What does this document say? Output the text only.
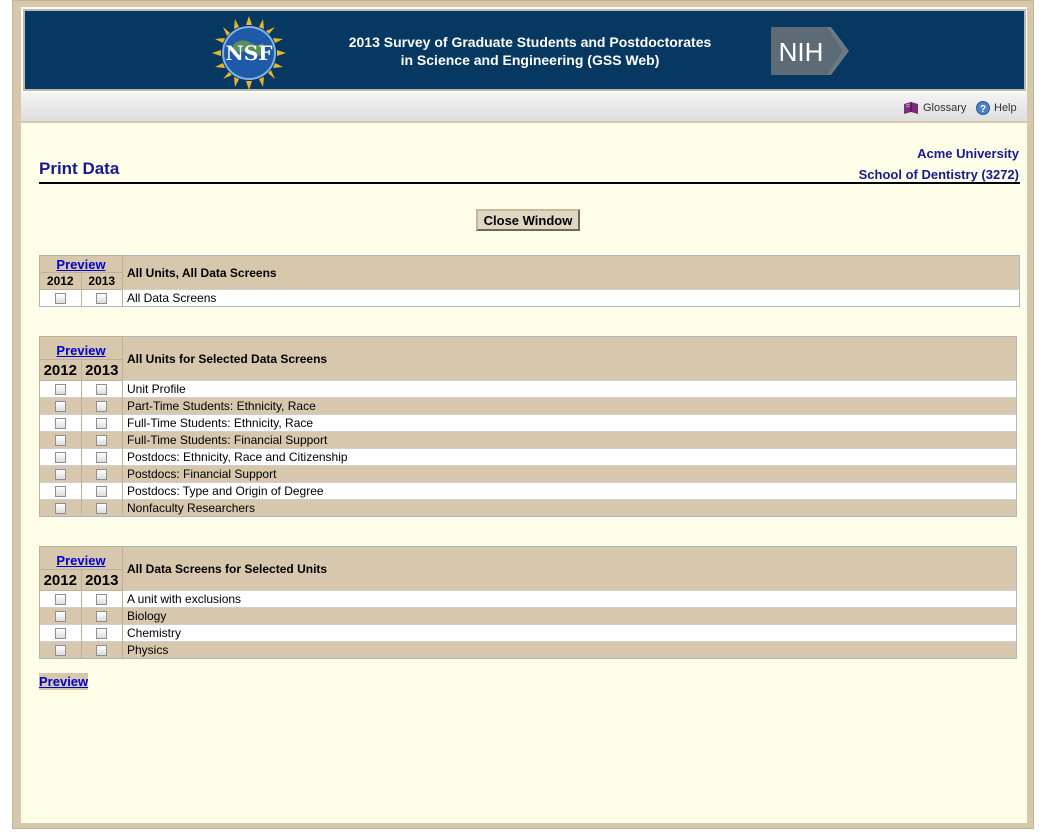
NSF	2013 Survey of Graduate Students and Postdoctorates
in Science and Engineering (GSS Web)	NIH
Glossary ? Help
Acme University
School of Dentistry (3272)
Print Data
Close Window
Preview		All Units, All Data Screens
2012	2013	
		All Data Screens
Preview		All Units for Selected Data Screens
2012	2013	
		Unit Profile
		Part-Time Students: Ethnicity, Race
		Full-Time Students: Ethnicity, Race
		Full-Time Students: Financial Support
		Postdocs: Ethnicity, Race and Citizenship
		Postdocs: Financial Support
		Postdocs: Type and Origin of Degree
		Nonfaculty Researchers
Preview		All Data Screens for Selected Units
2012	2013	
		A unit with exclusions
		Biology
		Chemistry
		Physics
Preview
